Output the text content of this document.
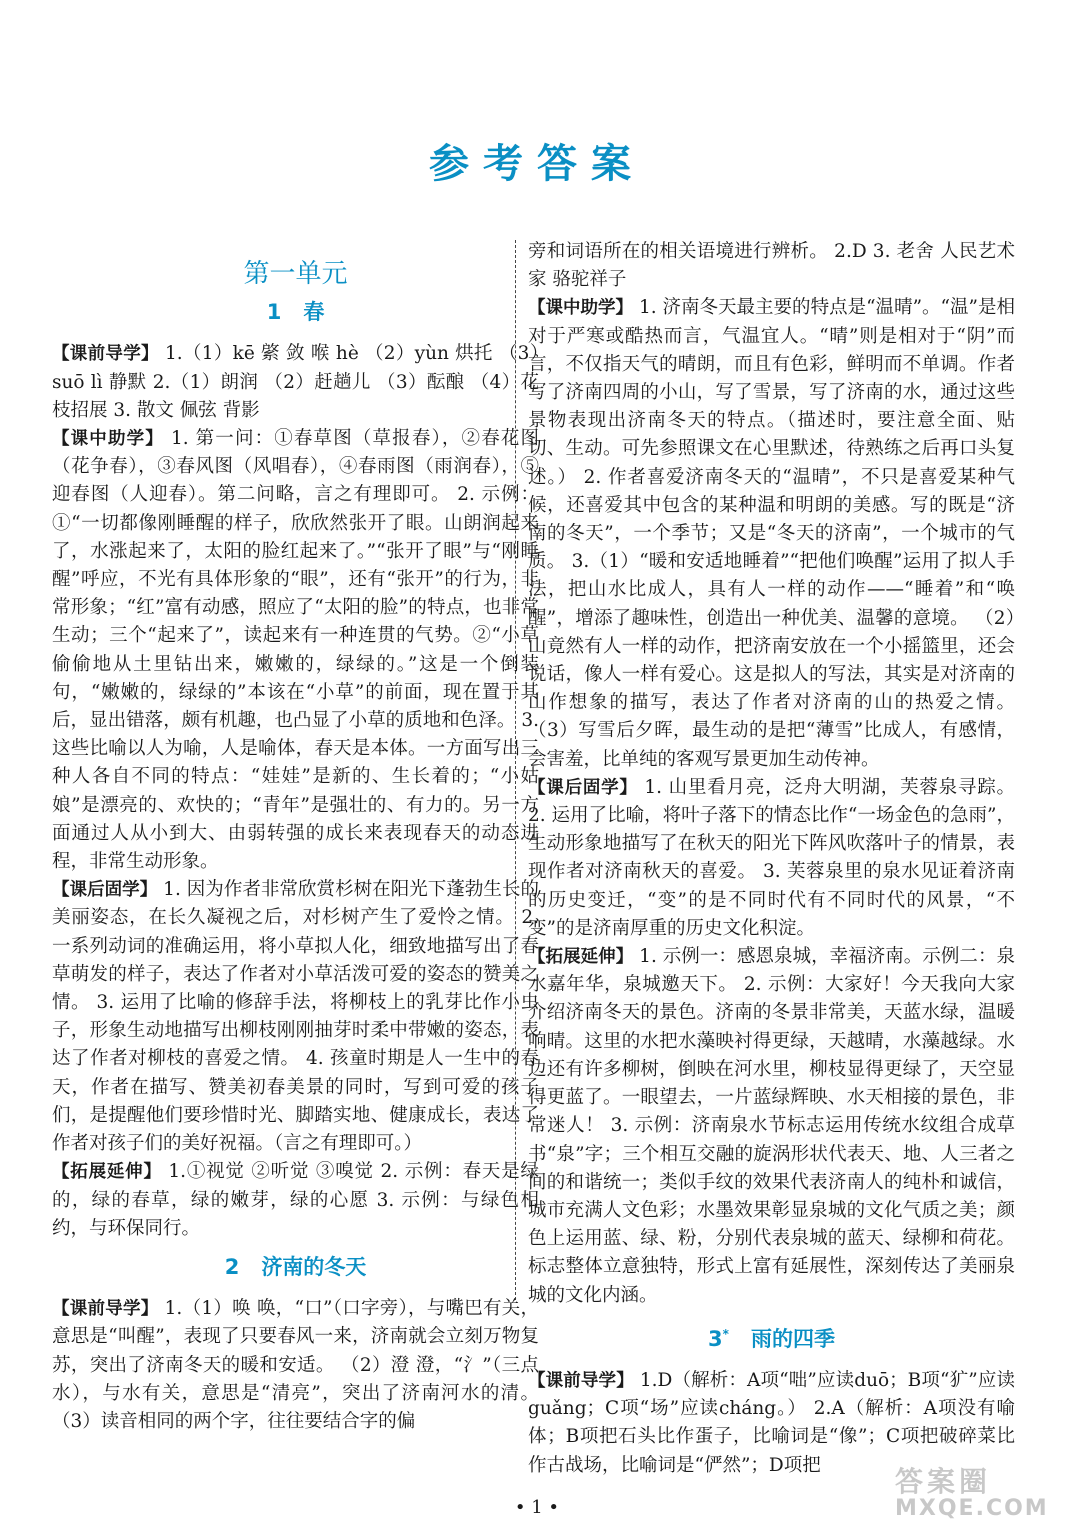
参考答案
第一单元
1 春

【课前导学】 1.（1）kē 綮 敛 喉 hè （2）yùn 烘托 （3）suō lì 静默 2.（1）朗润 （2）赶趟儿 （3）酝酿 （4）花枝招展 3. 散文 佩弦 背影

【课中助学】 1. 第一问：①春草图（草报春），②春花图（花争春），③春风图（风唱春），④春雨图（雨润春），⑤迎春图（人迎春）。第二问略，言之有理即可。 2. 示例：①“一切都像刚睡醒的样子，欣欣然张开了眼。山朗润起来了，水涨起来了，太阳的脸红起来了。”“张开了眼”与“刚睡醒”呼应，不光有具体形象的“眼”，还有“张开”的行为，非常形象；“红”富有动感，照应了“太阳的脸”的特点，也非常生动；三个“起来了”，读起来有一种连贯的气势。②“小草偷偷地从土里钻出来，嫩嫩的，绿绿的。”这是一个倒装句，“嫩嫩的，绿绿的”本该在“小草”的前面，现在置于其后，显出错落，颇有机趣，也凸显了小草的质地和色泽。 3. 这些比喻以人为喻，人是喻体，春天是本体。一方面写出三种人各自不同的特点：“娃娃”是新的、生长着的；“小姑娘”是漂亮的、欢快的；“青年”是强壮的、有力的。另一方面通过人从小到大、由弱转强的成长来表现春天的动态进程，非常生动形象。

【课后固学】 1. 因为作者非常欣赏杉树在阳光下蓬勃生长的美丽姿态，在长久凝视之后，对杉树产生了爱怜之情。 2. 一系列动词的准确运用，将小草拟人化，细致地描写出了春草萌发的样子，表达了作者对小草活泼可爱的姿态的赞美之情。 3. 运用了比喻的修辞手法，将柳枝上的乳芽比作小虫子，形象生动地描写出柳枝刚刚抽芽时柔中带嫩的姿态，表达了作者对柳枝的喜爱之情。 4. 孩童时期是人一生中的春天，作者在描写、赞美初春美景的同时，写到可爱的孩子们，是提醒他们要珍惜时光、脚踏实地、健康成长，表达了作者对孩子们的美好祝福。（言之有理即可。）

【拓展延伸】 1.①视觉 ②听觉 ③嗅觉 2. 示例：春天是绿的，绿的春草，绿的嫩芽，绿的心愿 3. 示例：与绿色相约，与环保同行。

2 济南的冬天

【课前导学】 1.（1）唤 唤，“口”（口字旁），与嘴巴有关，意思是“叫醒”，表现了只要春风一来，济南就会立刻万物复苏，突出了济南冬天的暖和安适。 （2）澄 澄，“氵”（三点水），与水有关，意思是“清亮”，突出了济南河水的清。 （3）读音相同的两个字，往往要结合字的偏

旁和词语所在的相关语境进行辨析。 2.D 3. 老舍 人民艺术家 骆驼祥子

【课中助学】 1. 济南冬天最主要的特点是“温晴”。“温”是相对于严寒或酷热而言，气温宜人。“晴”则是相对于“阴”而言，不仅指天气的晴朗，而且有色彩，鲜明而不单调。作者写了济南四周的小山，写了雪景，写了济南的水，通过这些景物表现出济南冬天的特点。（描述时，要注意全面、贴切、生动。可先参照课文在心里默述，待熟练之后再口头复述。） 2. 作者喜爱济南冬天的“温晴”，不只是喜爱某种气候，还喜爱其中包含的某种温和明朗的美感。写的既是“济南的冬天”，一个季节；又是“冬天的济南”，一个城市的气质。 3.（1）“暖和安适地睡着”“把他们唤醒”运用了拟人手法，把山水比成人，具有人一样的动作——“睡着”和“唤醒”，增添了趣味性，创造出一种优美、温馨的意境。 （2）山竟然有人一样的动作，把济南安放在一个小摇篮里，还会说话，像人一样有爱心。这是拟人的写法，其实是对济南的山作想象的描写，表达了作者对济南的山的热爱之情。 （3）写雪后夕晖，最生动的是把“薄雪”比成人，有感情，会害羞，比单纯的客观写景更加生动传神。

【课后固学】 1. 山里看月亮，泛舟大明湖，芙蓉泉寻踪。 2. 运用了比喻，将叶子落下的情态比作“一场金色的急雨”，生动形象地描写了在秋天的阳光下阵风吹落叶子的情景，表现作者对济南秋天的喜爱。 3. 芙蓉泉里的泉水见证着济南的历史变迁，“变”的是不同时代有不同时代的风景，“不变”的是济南厚重的历史文化积淀。

【拓展延伸】 1. 示例一：感恩泉城，幸福济南。示例二：泉水嘉年华，泉城邀天下。 2. 示例：大家好！今天我向大家介绍济南冬天的景色。济南的冬景非常美，天蓝水绿，温暖响晴。这里的水把水藻映衬得更绿，天越晴，水藻越绿。水边还有许多柳树，倒映在河水里，柳枝显得更绿了，天空显得更蓝了。一眼望去，一片蓝绿辉映、水天相接的景色，非常迷人！ 3. 示例：济南泉水节标志运用传统水纹组合成草书“泉”字；三个相互交融的旋涡形状代表天、地、人三者之间的和谐统一；类似手纹的效果代表济南人的纯朴和诚信，城市充满人文色彩；水墨效果彰显泉城的文化气质之美；颜色上运用蓝、绿、粉，分别代表泉城的蓝天、绿柳和荷花。标志整体立意独特，形式上富有延展性，深刻传达了美丽泉城的文化内涵。

3* 雨的四季

【课前导学】 1.D（解析：A项“咄”应读duō；B项“犷”应读guǎng；C项“场”应读cháng。） 2.A（解析：A项没有喻体；B项把石头比作蛋子，比喻词是“像”；C项把破碎菜比作古战场，比喻词是“俨然”；D项把

• 1 •
答案圈
MXQE.COM
